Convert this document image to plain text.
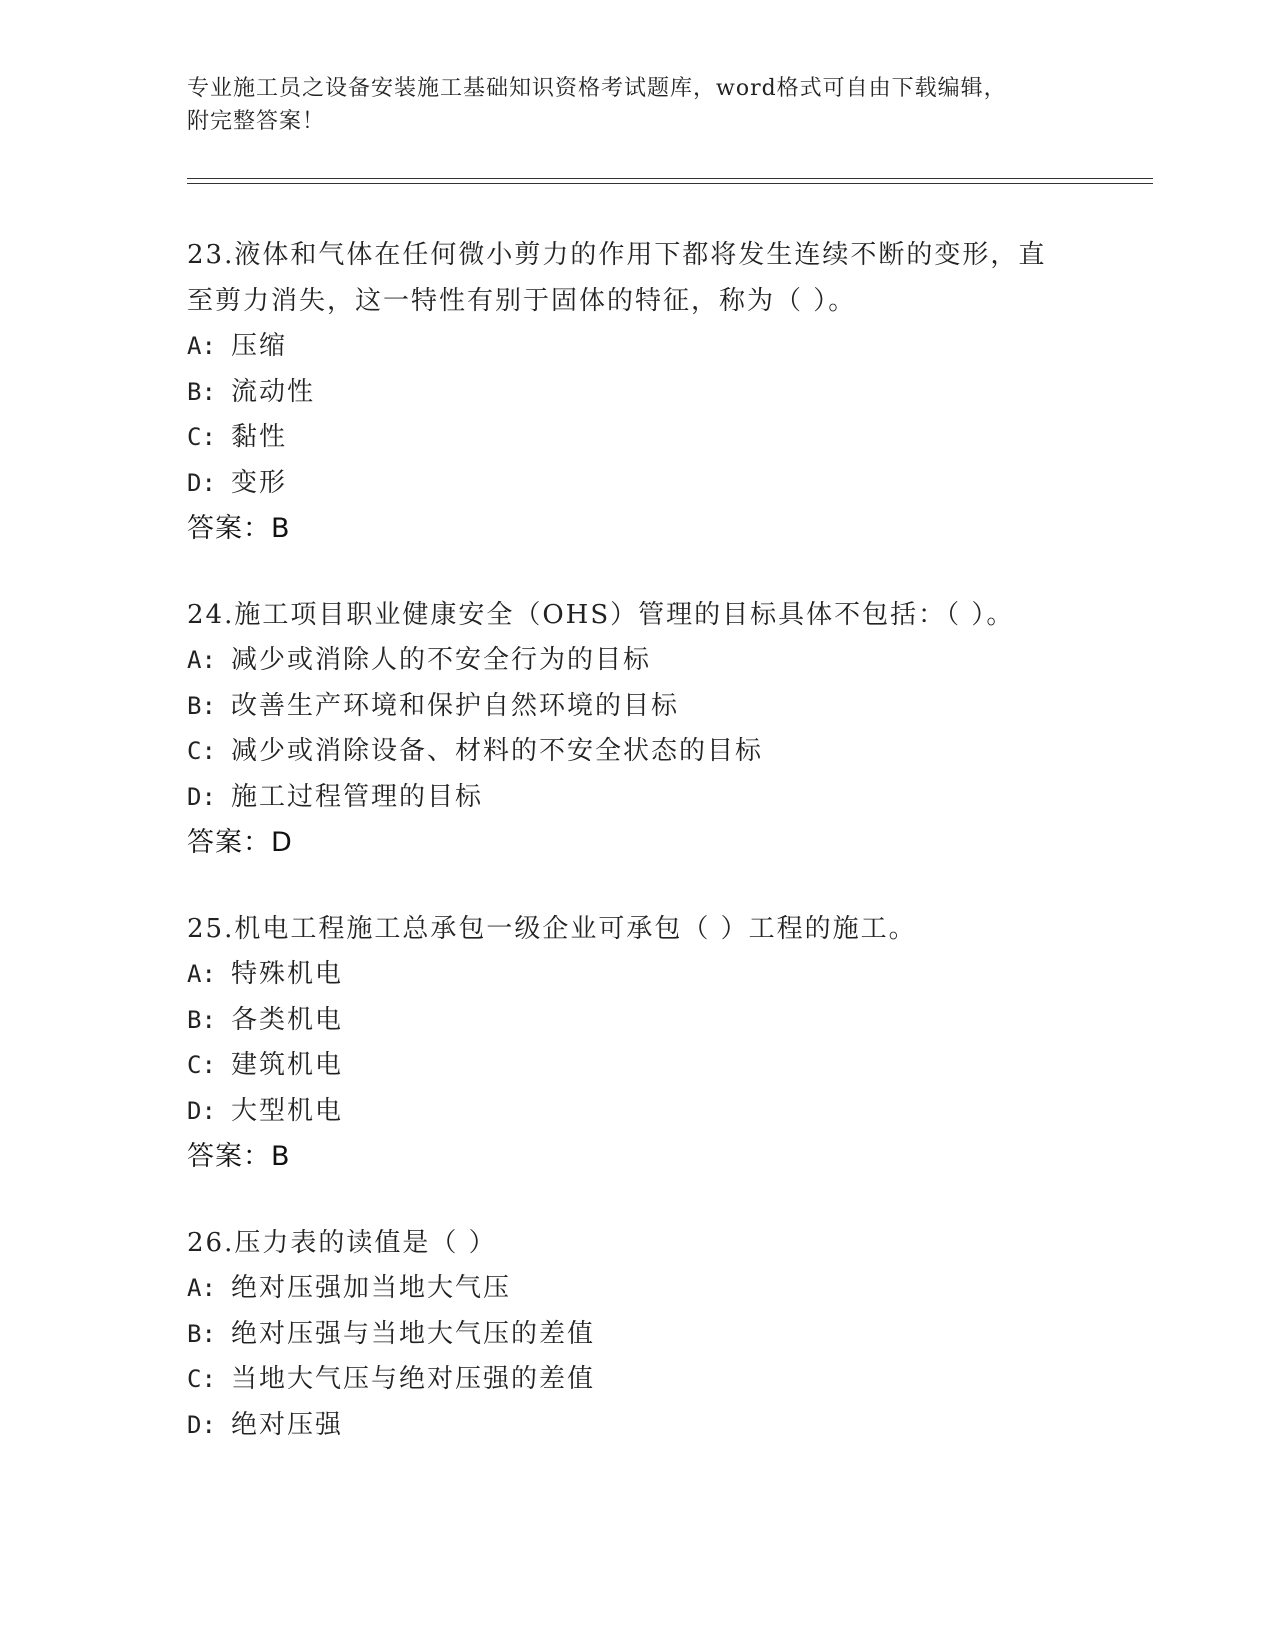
专业施工员之设备安装施工基础知识资格考试题库，word格式可自由下载编辑，
附完整答案！
23.液体和气体在任何微小剪力的作用下都将发生连续不断的变形，直
至剪力消失，这一特性有别于固体的特征，称为（ ）。
A: 压缩
B: 流动性
C: 黏性
D: 变形
答案：B
24.施工项目职业健康安全（OHS）管理的目标具体不包括：（ ）。
A: 减少或消除人的不安全行为的目标
B: 改善生产环境和保护自然环境的目标
C: 减少或消除设备、材料的不安全状态的目标
D: 施工过程管理的目标
答案：D
25.机电工程施工总承包一级企业可承包（ ）工程的施工。
A: 特殊机电
B: 各类机电
C: 建筑机电
D: 大型机电
答案：B
26.压力表的读值是（ ）
A: 绝对压强加当地大气压
B: 绝对压强与当地大气压的差值
C: 当地大气压与绝对压强的差值
D: 绝对压强
